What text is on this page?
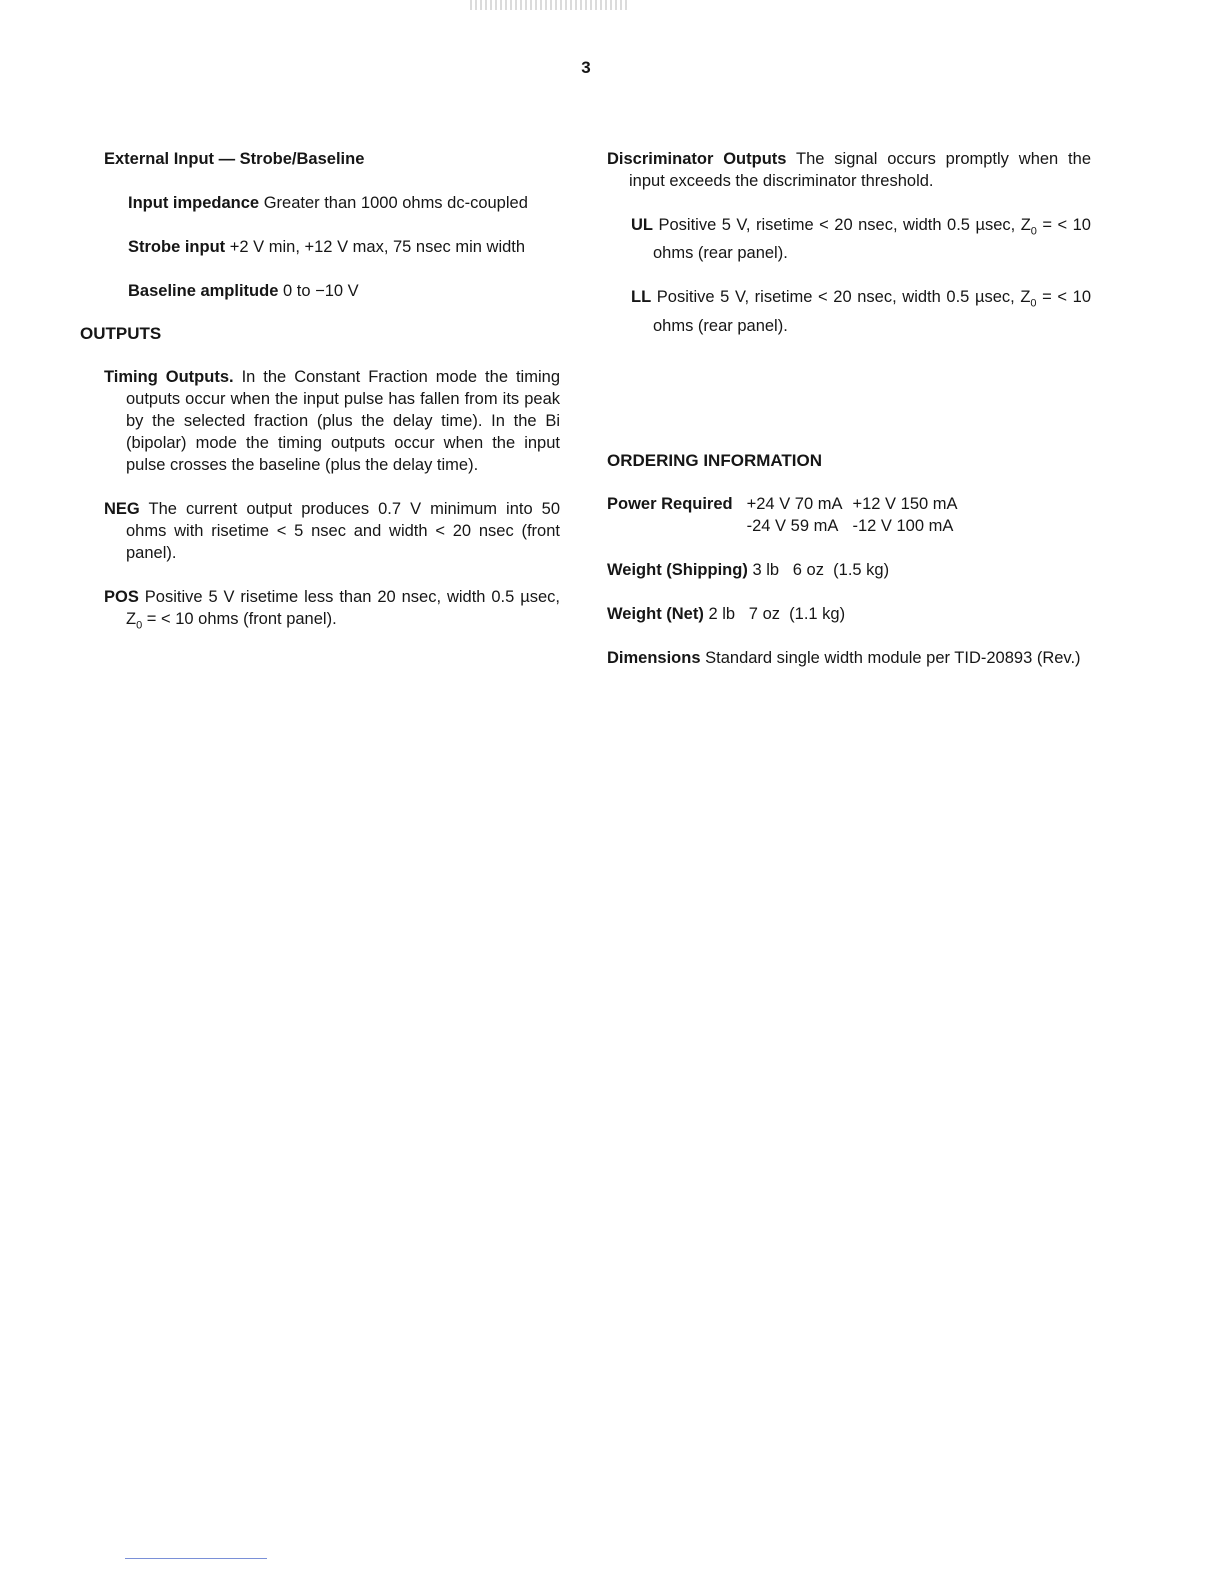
3

External Input — Strobe/Baseline

Input impedance Greater than 1000 ohms dc-coupled

Strobe input +2 V min, +12 V max, 75 nsec min width

Baseline amplitude 0 to −10 V

OUTPUTS

Timing Outputs. In the Constant Fraction mode the timing outputs occur when the input pulse has fallen from its peak by the selected fraction (plus the delay time). In the Bi (bipolar) mode the timing outputs occur when the input pulse crosses the baseline (plus the delay time).

NEG The current output produces 0.7 V minimum into 50 ohms with risetime < 5 nsec and width < 20 nsec (front panel).

POS Positive 5 V risetime less than 20 nsec, width 0.5 µsec, $Z_0$ = < 10 ohms (front panel).

Discriminator Outputs The signal occurs promptly when the input exceeds the discriminator threshold.

UL Positive 5 V, risetime < 20 nsec, width 0.5 µsec, $Z_0$ = < 10 ohms (rear panel).

LL Positive 5 V, risetime < 20 nsec, width 0.5 µsec, $Z_0$ = < 10 ohms (rear panel).

ORDERING INFORMATION
Power Required	+24 V 70 mA	+12 V 150 mA
	-24 V 59 mA	-12 V 100 mA

Weight (Shipping) 3 lb   6 oz  (1.5 kg)

Weight (Net) 2 lb   7 oz  (1.1 kg)

Dimensions Standard single width module per TID-20893 (Rev.)
